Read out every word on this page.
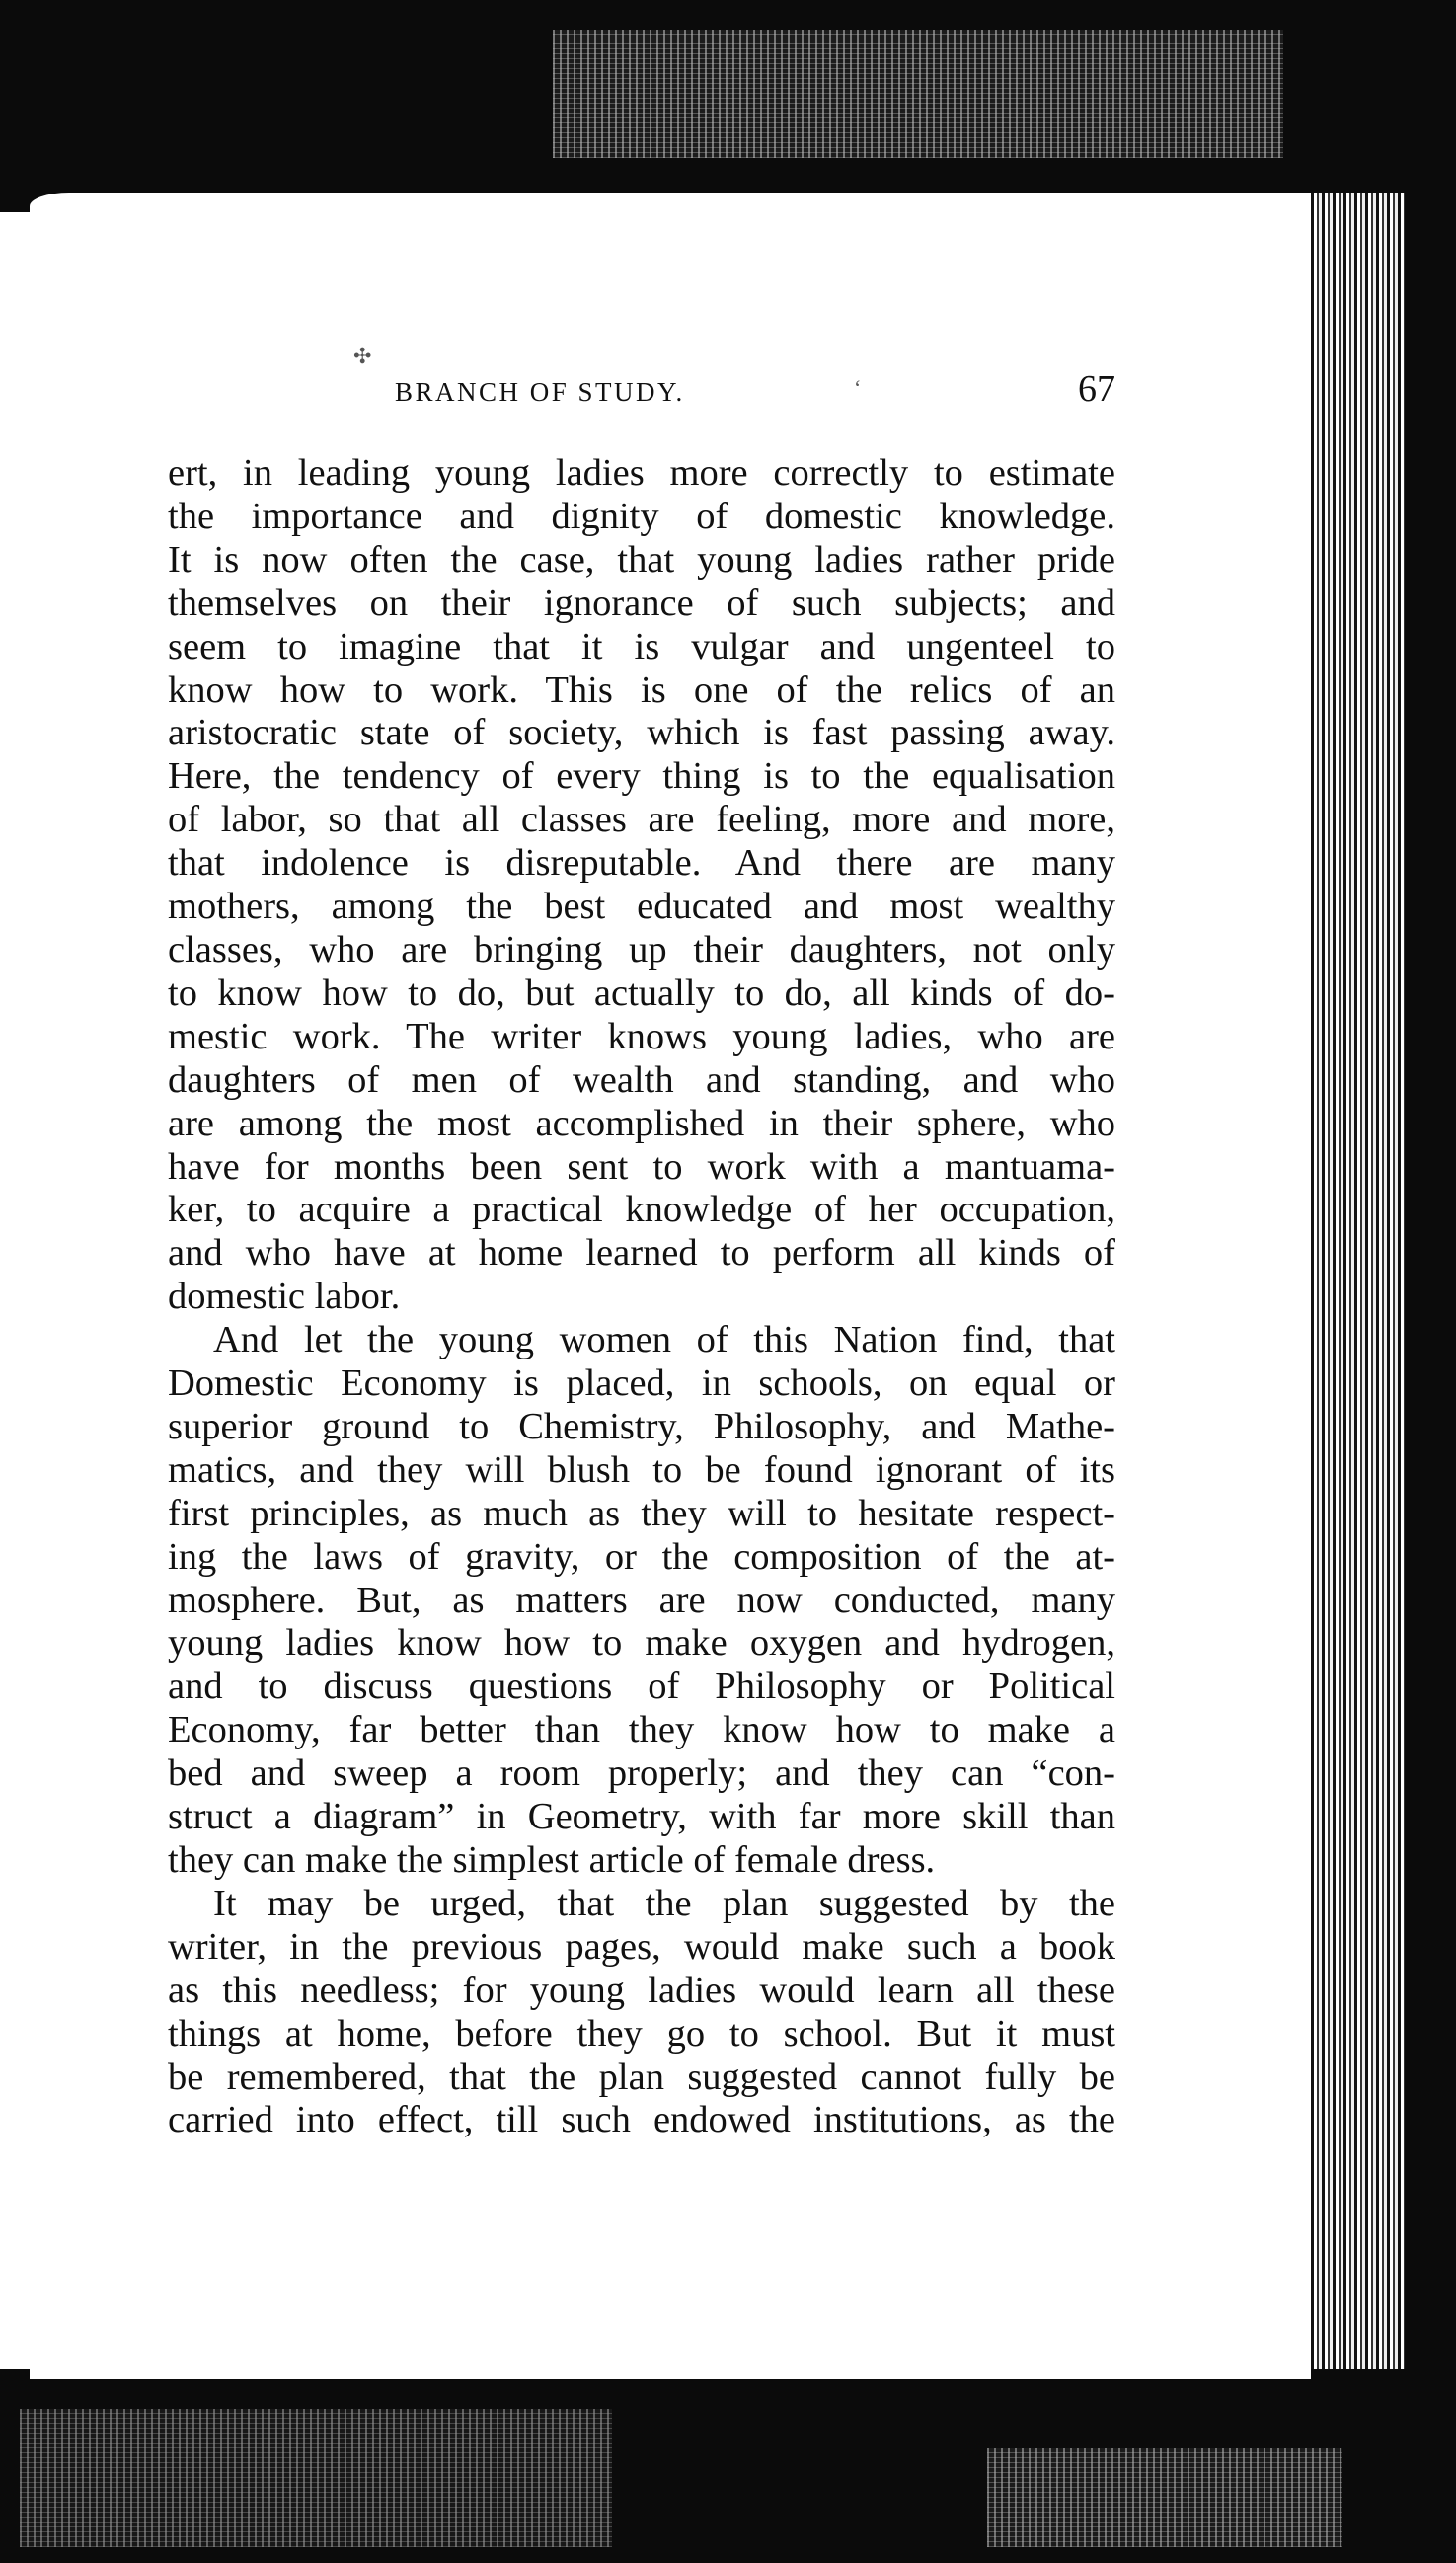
✣
‘
BRANCH OF STUDY.	67
ert, in leading young ladies more correctly to estimate
the importance and dignity of domestic knowledge.
It is now often the case, that young ladies rather pride
themselves on their ignorance of such subjects; and
seem to imagine that it is vulgar and ungenteel to
know how to work. This is one of the relics of an
aristocratic state of society, which is fast passing away.
Here, the tendency of every thing is to the equalisation
of labor, so that all classes are feeling, more and more,
that indolence is disreputable. And there are many
mothers, among the best educated and most wealthy
classes, who are bringing up their daughters, not only
to know how to do, but actually to do, all kinds of do-
mestic work. The writer knows young ladies, who are
daughters of men of wealth and standing, and who
are among the most accomplished in their sphere, who
have for months been sent to work with a mantuama-
ker, to acquire a practical knowledge of her occupation,
and who have at home learned to perform all kinds of
domestic labor.
And let the young women of this Nation find, that
Domestic Economy is placed, in schools, on equal or
superior ground to Chemistry, Philosophy, and Mathe-
matics, and they will blush to be found ignorant of its
first principles, as much as they will to hesitate respect-
ing the laws of gravity, or the composition of the at-
mosphere. But, as matters are now conducted, many
young ladies know how to make oxygen and hydrogen,
and to discuss questions of Philosophy or Political
Economy, far better than they know how to make a
bed and sweep a room properly; and they can “con-
struct a diagram” in Geometry, with far more skill than
they can make the simplest article of female dress.
It may be urged, that the plan suggested by the
writer, in the previous pages, would make such a book
as this needless; for young ladies would learn all these
things at home, before they go to school. But it must
be remembered, that the plan suggested cannot fully be
carried into effect, till such endowed institutions, as the
